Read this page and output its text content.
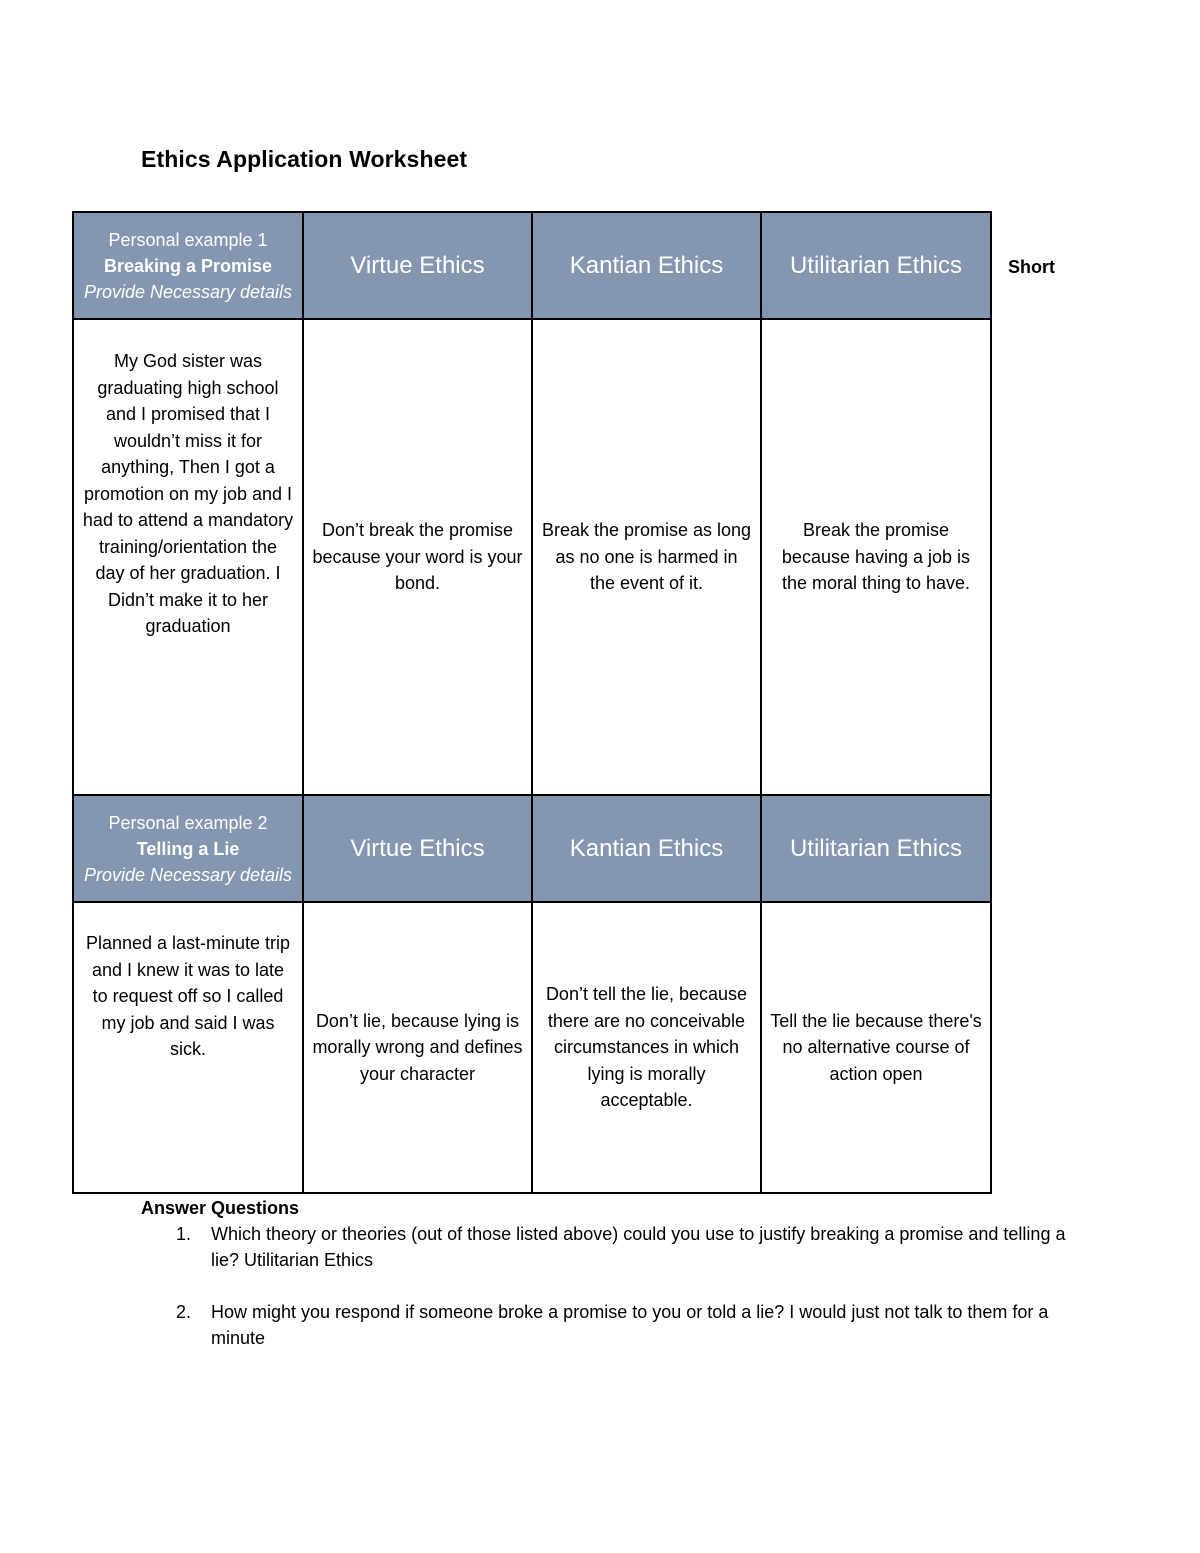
Ethics Application Worksheet
Personal example 1
Breaking a Promise
Provide Necessary details	Virtue Ethics	Kantian Ethics	Utilitarian Ethics
My God sister was graduating high school and I promised that I wouldn’t miss it for anything, Then I got a promotion on my job and I had to attend a mandatory training/orientation the day of her graduation. I Didn’t make it to her graduation	Don’t break the promise because your word is your bond.	Break the promise as long as no one is harmed in the event of it.	Break the promise because having a job is the moral thing to have.

Personal example 2
Telling a Lie
Provide Necessary details	Virtue Ethics	Kantian Ethics	Utilitarian Ethics
Planned a last-minute trip and I knew it was to late to request off so I called my job and said I was sick.	Don’t lie, because lying is morally wrong and defines your character	Don’t tell the lie, because there are no conceivable circumstances in which lying is morally acceptable.	Tell the lie because there's no alternative course of action open
Short
Answer Questions
1. Which theory or theories (out of those listed above) could you use to justify breaking a promise and telling a lie? Utilitarian Ethics
2. How might you respond if someone broke a promise to you or told a lie? I would just not talk to them for a minute
